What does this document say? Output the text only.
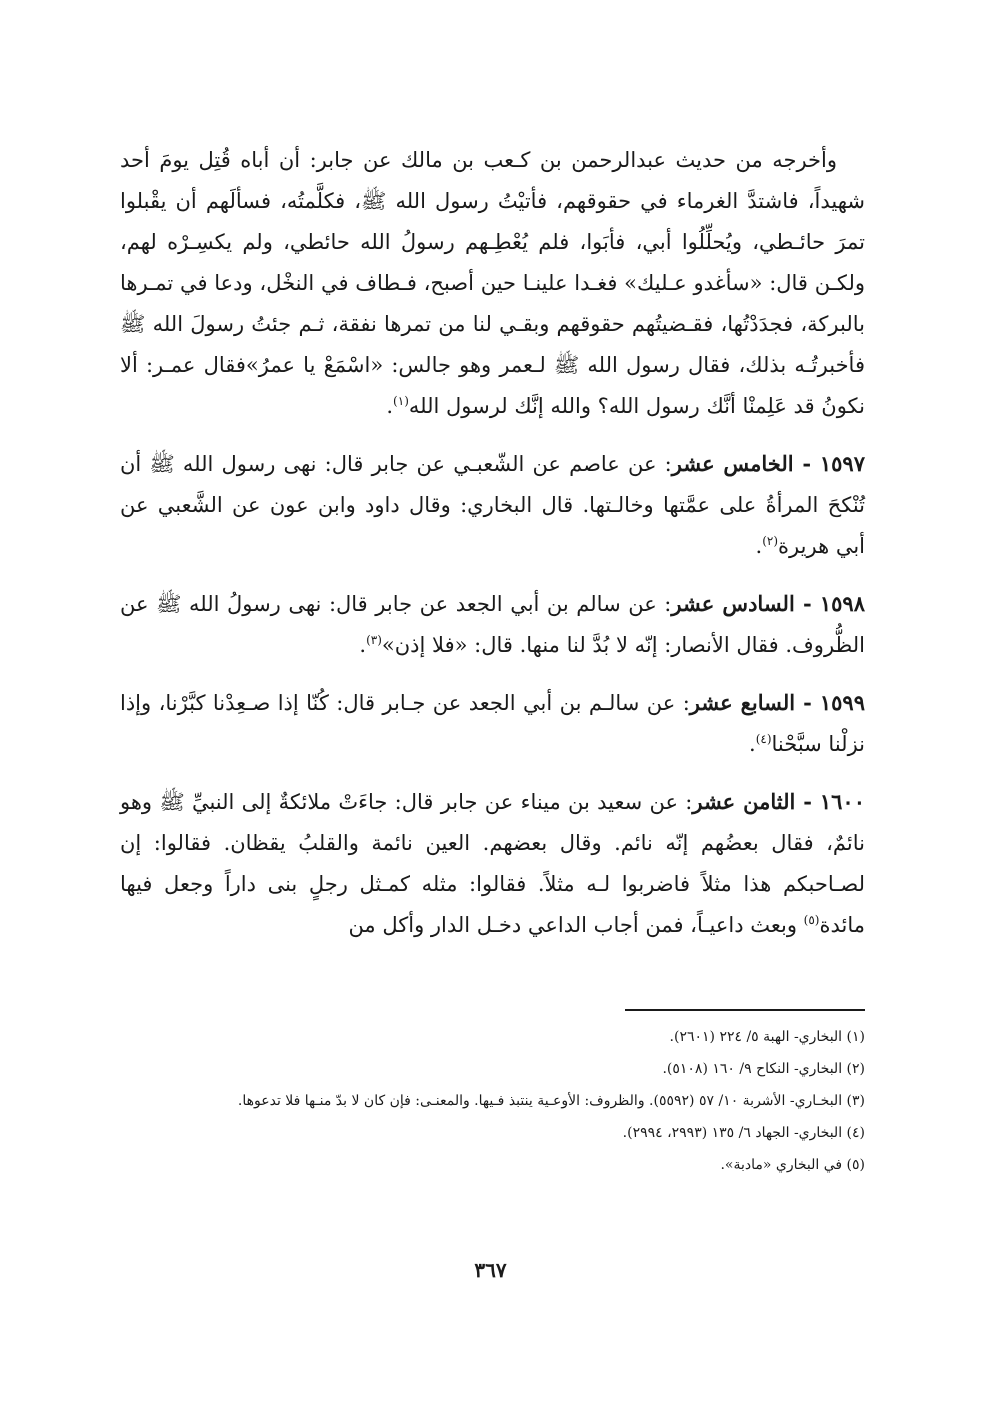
وأخرجه من حديث عبدالرحمن بن كـعب بن مالك عن جابر: أن أباه قُتِل يومَ أحد شهيداً، فاشتدَّ الغرماء في حقوقهم، فأتيْتُ رسول الله ﷺ، فكلَّمتُه، فسألَهم أن يقْبلوا تمرَ حائـطي، ويُحلِّلُوا أبي، فأبَوا، فلم يُعْطِـهم رسولُ الله حائطي، ولم يكسِـرْه لهم، ولكـن قال: «سأغدو عـليك» فغـدا علينـا حين أصبح، فـطاف في النخْل، ودعا في تمـرها بالبركة، فجدَدْتُها، فقـضيتُهم حقوقهم وبقـي لنا من تمرها نفقة، ثـم جئتُ رسولَ الله ﷺ فأخبرتُـه بذلك، فقال رسول الله ﷺ لـعمر وهو جالس: «اسْمَعْ يا عمرُ»فقال عمـر: ألا نكونُ قد عَلِمنْا أنَّك رسول الله؟ والله إنَّك لرسول الله$^{(١)}$.

١٥٩٧ - الخامس عشر: عن عاصم عن الشّعبـي عن جابر قال: نهى رسول الله ﷺ أن تُنْكحَ المرأةُ على عمَّتها وخالـتها. قال البخاري: وقال داود وابن عون عن الشَّعبي عن أبي هريرة$^{(٢)}$.

١٥٩٨ - السادس عشر: عن سالم بن أبي الجعد عن جابر قال: نهى رسولُ الله ﷺ عن الظُّروف. فقال الأنصار: إنّه لا بُدَّ لنا منها. قال: «فلا إذن»$^{(٣)}$.

١٥٩٩ - السابع عشر: عن سالـم بن أبي الجعد عن جـابر قال: كُنّا إذا صـعِدْنا كبَّرْنا، وإذا نزلْنا سبَّحْنا$^{(٤)}$.

١٦٠٠ - الثامن عشر: عن سعيد بن ميناء عن جابر قال: جاءَتْ ملائكةٌ إلى النبيِّ ﷺ وهو نائمٌ، فقال بعضُهم إنّه نائم. وقال بعضهم. العين نائمة والقلبُ يقظان. فقالوا: إن لصـاحبكم هذا مثلاً فاضربوا لـه مثلاً. فقالوا: مثله كمـثل رجلٍ بنى داراً وجعل فيها مائدة$^{(٥)}$ وبعث داعيـاً، فمن أجاب الداعي دخـل الدار وأكل من

(١) البخاري- الهبة ٥/ ٢٢٤ (٢٦٠١).
(٢) البخاري- النكاح ٩/ ١٦٠ (٥١٠٨).
(٣) البخـاري- الأشربة ١٠/ ٥٧ (٥٥٩٢). والظروف: الأوعـية ينتبذ فـيها. والمعنـى: فإن كان لا بدّ منـها فلا تدعوها.
(٤) البخاري- الجهاد ٦/ ١٣٥ (٢٩٩٣، ٢٩٩٤).
(٥) في البخاري «مادبة».
٣٦٧
